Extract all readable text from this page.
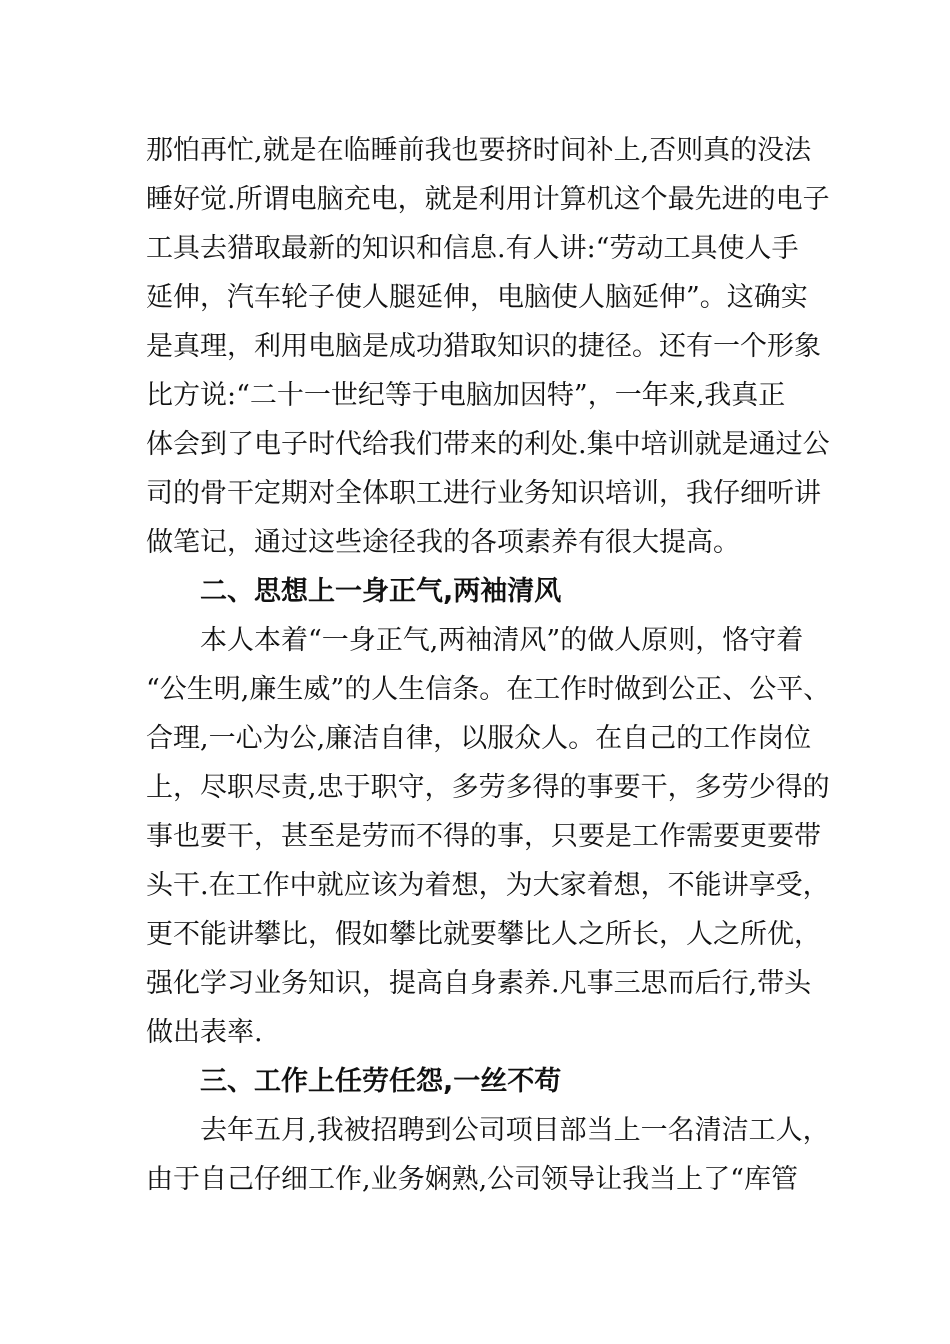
那怕再忙,就是在临睡前我也要挤时间补上,否则真的没法
睡好觉.所谓电脑充电，就是利用计算机这个最先进的电子
工具去猎取最新的知识和信息.有人讲:“劳动工具使人手
延伸，汽车轮子使人腿延伸，电脑使人脑延伸”。这确实
是真理，利用电脑是成功猎取知识的捷径。还有一个形象
比方说:“二十一世纪等于电脑加因特”，一年来,我真正
体会到了电子时代给我们带来的利处.集中培训就是通过公
司的骨干定期对全体职工进行业务知识培训，我仔细听讲
做笔记，通过这些途径我的各项素养有很大提高。
　　二、思想上一身正气,两袖清风
　　本人本着“一身正气,两袖清风”的做人原则，恪守着
“公生明,廉生威”的人生信条。在工作时做到公正、公平、
合理,一心为公,廉洁自律，以服众人。在自己的工作岗位
上，尽职尽责,忠于职守，多劳多得的事要干，多劳少得的
事也要干，甚至是劳而不得的事，只要是工作需要更要带
头干.在工作中就应该为着想，为大家着想，不能讲享受，
更不能讲攀比，假如攀比就要攀比人之所长，人之所优，
强化学习业务知识，提高自身素养.凡事三思而后行,带头
做出表率.
　　三、工作上任劳任怨,一丝不苟
　　去年五月,我被招聘到公司项目部当上一名清洁工人，
由于自己仔细工作,业务娴熟,公司领导让我当上了“库管
